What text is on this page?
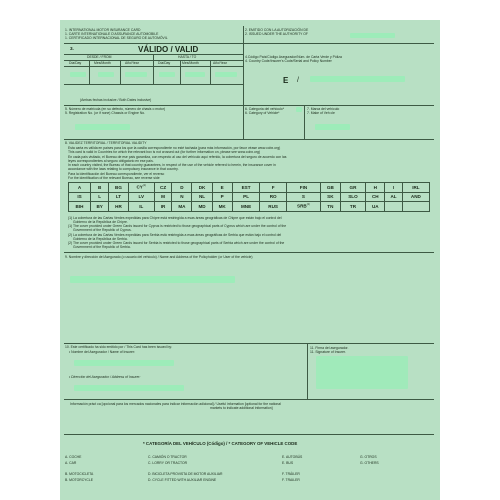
1. INTERNATIONAL MOTOR INSURANCE CARD
1. CARTE INTERNATIONALE D'ASSURANCE AUTOMOBILE
1. CERTIFICADO INTERNACIONAL DE SEGURO DE AUTOMÓVIL
2. EMITIDO CON LA AUTORIZACIÓN DE
2. ISSUED UNDER THE AUTHORITY OF
3.	VÁLIDO / VALID
DESDE / FROM	HASTA / TO
Día/Day	Mes/Month	Año/Year	Día/Day	Mes/Month	Año/Year
(Ambas fechas inclusive / Both Dates inclusive)
4.Código País/Código Asegurador/Núm. de Carta Verde y Póliza
4. Country Code/Insurer's Code/Serial and Policy Number
E /
5. Número de matrícula (en su defecto, número de chasis o motor)
5. Registration No. (or if none) Chassis or Engine No.
6. Categoría del vehículo*
6. Category of Vehicle*
7. Marca del vehículo
7. Make of Veh cle
8. VALIDEZ TERRITORIAL / TERRITORIAL VALIDITY
Esta carta es válida en países para los que la casilla correspondiente no esté tachada (para más información, por favor véase www.cobx.org)
This card is valid in Countries for which the relevant box is not crossed out (for further information on, please see www.cobx.org)
En cada país visitado, el Bureau de ese país garantiza, con respecto al uso del vehículo aquí referido, la cobertura del seguro de acuerdo con las
leyes correspondientes al seguro obligatorio en ese país.
In each country visited, the Bureau of that country guarantees, in respect of the use of the vehicle referred to herein, the insurance cover in
accordance with the laws relating to compulsory insurance in that country.
Para la identificación del Bureau correspondiente, ver el reverso
For the identification of the relevant Bureau, see reverse side
A	B	BG	CY$^{(1)}$	CZ	D	DK	E	EST	F	FIN	GB	GR	H	I	IRL
IS	L	LT	LV	M	N	NL	P	PL	RO	S	SK	SLO	CH	AL	AND
BIH	BY	HR	IL	IR	MA	MD	MK	MNE	RUS	SRB$^{(2)}$	TN	TR	UA		
(1) La cobertura de las Cartas Verdes expedidas para Chipre está restringida a esas áreas geográficas de Chipre que están bajo el control del
Gobierno de la República de Chipre.
(1) The cover provided under Green Cards issued for Cyprus is restricted to those geographical parts of Cyprus which are under the control of the
Government of the Republic of Cyprus.
(2) La cobertura de las Cartas Verdes expedidas para Serbia está restringida a esas áreas geográficas de Serbia que están bajo el control del
Gobierno de la República de Serbia.
(2) The cover provided under Green Cards issued for Serbia is restricted to those geographical parts of Serbia which are under the control of the
Government of the Republic of Serbia.
9. Nombre y dirección del Asegurado (o usuario del vehículo) / Name and Address of the Policyholder (or User of the vehicle)
10. Este certificado ha sido emitido por / This Card has been issued by:
• Nombre del Asegurador / Name of Insurer:
• Dirección del Asegurador / Address of Insurer:
11. Firma del asegurador.
11. Signature of Insurer.
Información práct ca [opcional para los mercados nacionales para indicar información adicional] / Useful information [optional for the national
markets to indicate additional information]
* CATEGORÍA DEL VEHÍCULO (Código) / * CATEGORY OF VEHICLE CODE
A. COCHE	C. CAMIÓN O TRACTOR	E. AUTOBÚS	G. OTROS
A. CAR	C. LORRY OR TRACTOR	E. BUS	G. OTHERS
B. MOTOCICLETA	D. BICICLETA PROVISTA DE MOTOR AUXILIAR	F. TRÁILER
B. MOTORCYCLE	D. CYCLE FITTED WITH AUXILIAR ENGINE	F. TRAILER
